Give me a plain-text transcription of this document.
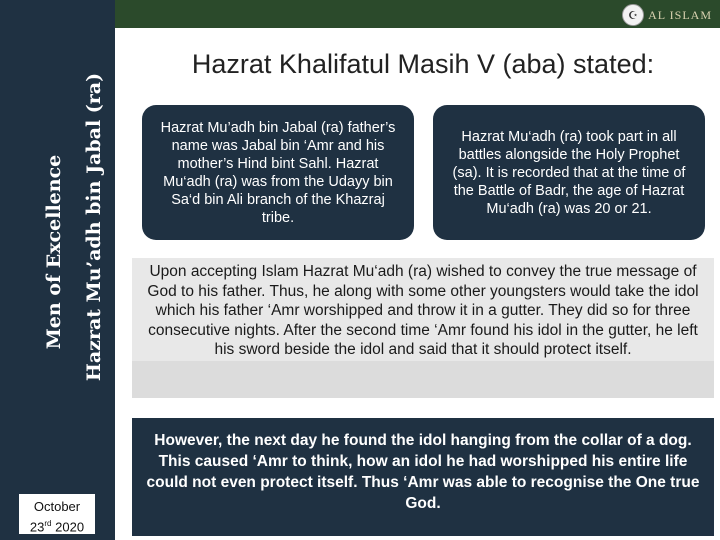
☪ AL ISLAM
Men of Excellence Hazrat Mu’adh bin Jabal (ra)
Hazrat Khalifatul Masih V (aba) stated:
Hazrat Mu’adh bin Jabal (ra) father’s name was Jabal bin ‘Amr and his mother’s Hind bint Sahl. Hazrat Mu‘adh (ra) was from the Udayy bin Sa‘d bin Ali branch of the Khazraj tribe.
Hazrat Mu‘adh (ra) took part in all battles alongside the Holy Prophet (sa). It is recorded that at the time of the Battle of Badr, the age of Hazrat Mu‘adh (ra) was 20 or 21.
Upon accepting Islam Hazrat Mu‘adh (ra) wished to convey the true message of God to his father. Thus, he along with some other youngsters would take the idol which his father ‘Amr worshipped and throw it in a gutter. They did so for three consecutive nights. After the second time ‘Amr found his idol in the gutter, he left his sword beside the idol and said that it should protect itself.
However, the next day he found the idol hanging from the collar of a dog. This caused ‘Amr to think, how an idol he had worshipped his entire life could not even protect itself. Thus ‘Amr was able to recognise the One true God.
October
23rd 2020
